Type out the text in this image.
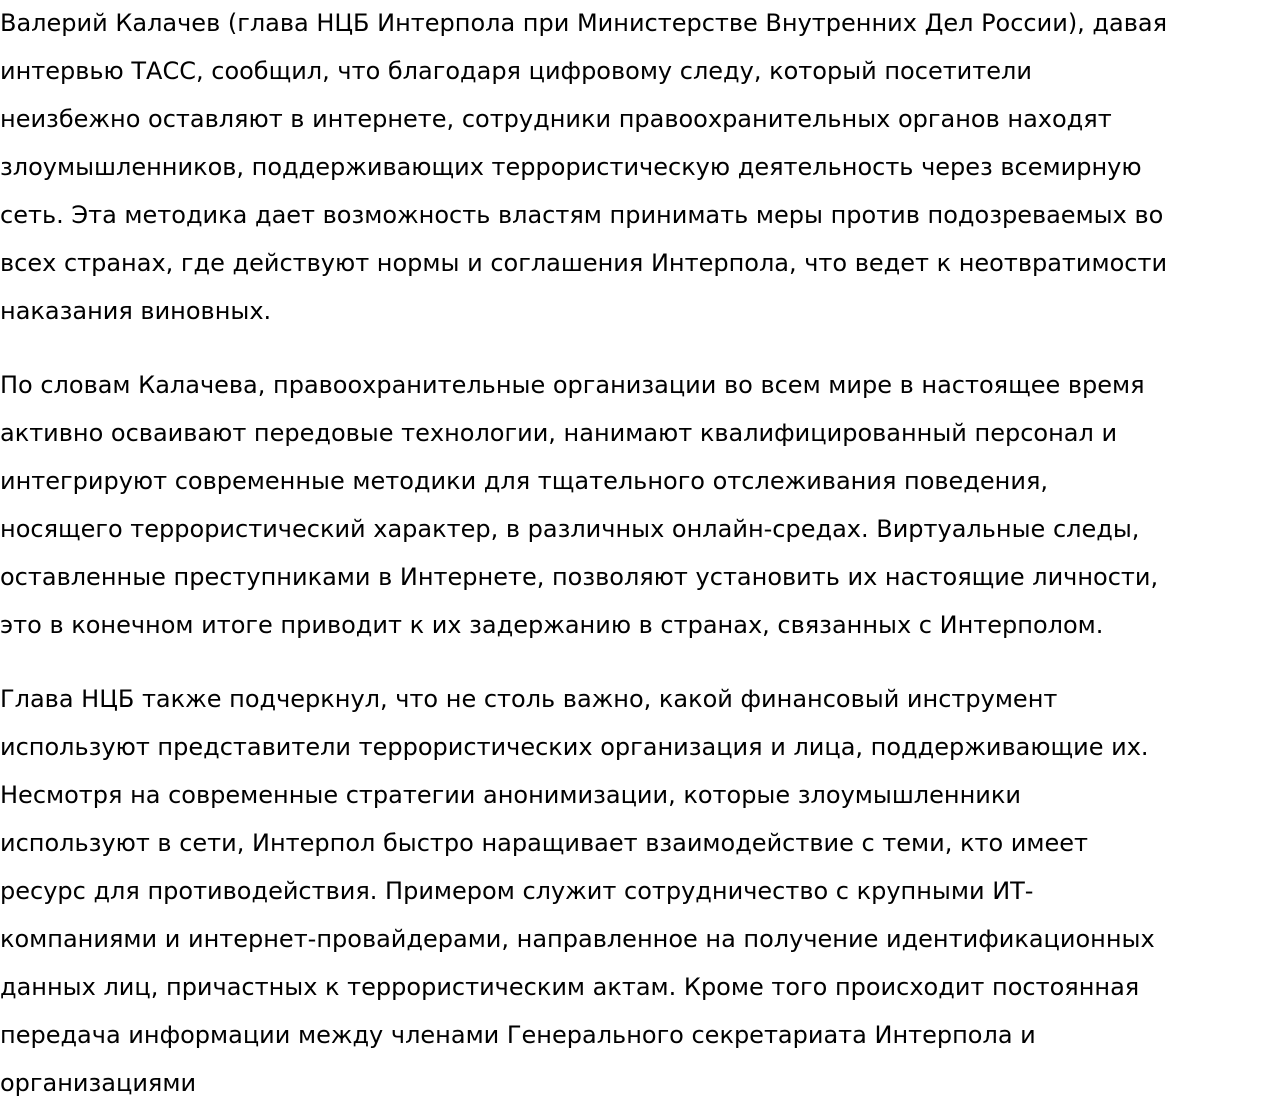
Валерий Калачев (глава НЦБ Интерпола при Министерстве Внутренних Дел России), давая
интервью ТАСС, сообщил, что благодаря цифровому следу, который посетители
неизбежно оставляют в интернете, сотрудники правоохранительных органов находят
злоумышленников, поддерживающих террористическую деятельность через всемирную
сеть. Эта методика дает возможность властям принимать меры против подозреваемых во
всех странах, где действуют нормы и соглашения Интерпола, что ведет к неотвратимости
наказания виновных.

По словам Калачева, правоохранительные организации во всем мире в настоящее время
активно осваивают передовые технологии, нанимают квалифицированный персонал и
интегрируют современные методики для тщательного отслеживания поведения,
носящего террористический характер, в различных онлайн-средах. Виртуальные следы,
оставленные преступниками в Интернете, позволяют установить их настоящие личности,
это в конечном итоге приводит к их задержанию в странах, связанных с Интерполом.

Глава НЦБ также подчеркнул, что не столь важно, какой финансовый инструмент
используют представители террористических организация и лица, поддерживающие их.
Несмотря на современные стратегии анонимизации, которые злоумышленники
используют в сети, Интерпол быстро наращивает взаимодействие с теми, кто имеет
ресурс для противодействия. Примером служит сотрудничество с крупными ИТ-
компаниями и интернет-провайдерами, направленное на получение идентификационных
данных лиц, причастных к террористическим актам. Кроме того происходит постоянная
передача информации между членами Генерального секретариата Интерпола и
организациями
